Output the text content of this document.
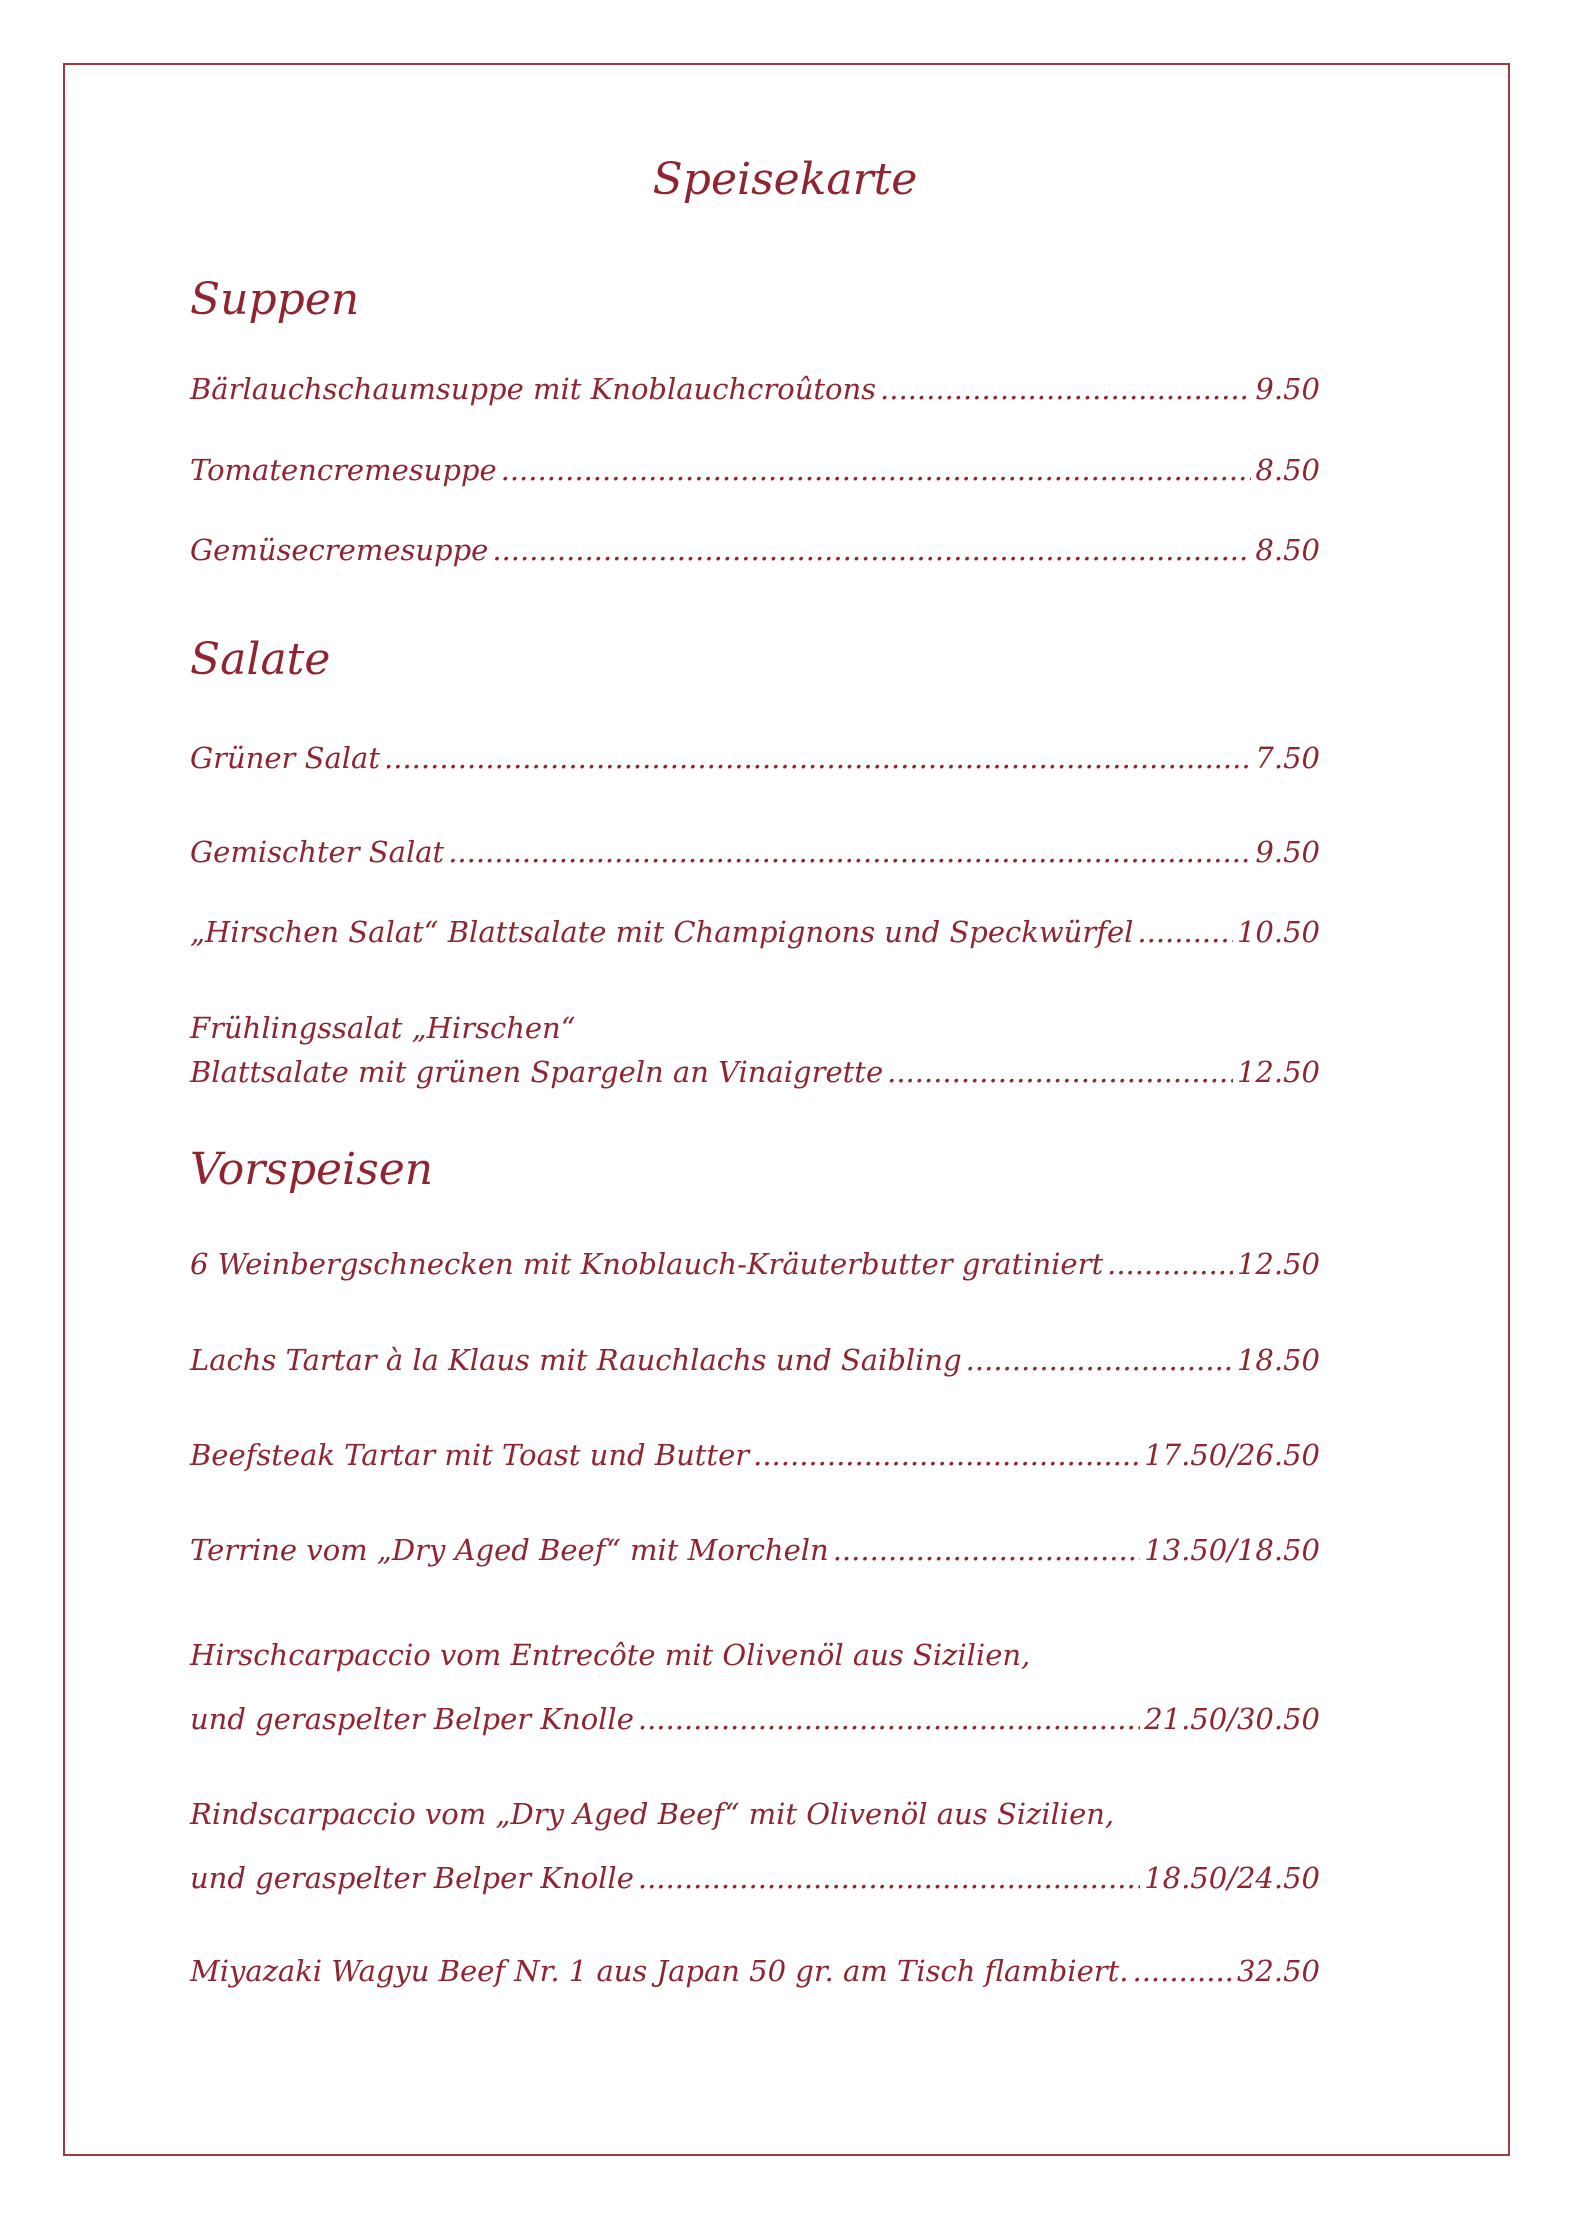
Speisekarte
Suppen
Bärlauchschaumsuppe mit Knoblauchcroûtons .....	9.50
Tomatencremesuppe .....	8.50
Gemüsecremesuppe .....	8.50
Salate
Grüner Salat .....	7.50
Gemischter Salat .....	9.50
„Hirschen Salat“ Blattsalate mit Champignons und Speckwürfel .....	10.50
Frühlingssalat „Hirschen“
Blattsalate mit grünen Spargeln an Vinaigrette .....	12.50
Vorspeisen
6 Weinbergschnecken mit Knoblauch-Kräuterbutter gratiniert .....	12.50
Lachs Tartar à la Klaus mit Rauchlachs und Saibling .....	18.50
Beefsteak Tartar mit Toast und Butter .....	17.50/26.50
Terrine vom „Dry Aged Beef“ mit Morcheln .....	13.50/18.50
Hirschcarpaccio vom Entrecôte mit Olivenöl aus Sizilien,
und geraspelter Belper Knolle .....	21.50/30.50
Rindscarpaccio vom „Dry Aged Beef“ mit Olivenöl aus Sizilien,
und geraspelter Belper Knolle .....	18.50/24.50
Miyazaki Wagyu Beef Nr. 1 aus Japan 50 gr. am Tisch flambiert. .....	32.50
